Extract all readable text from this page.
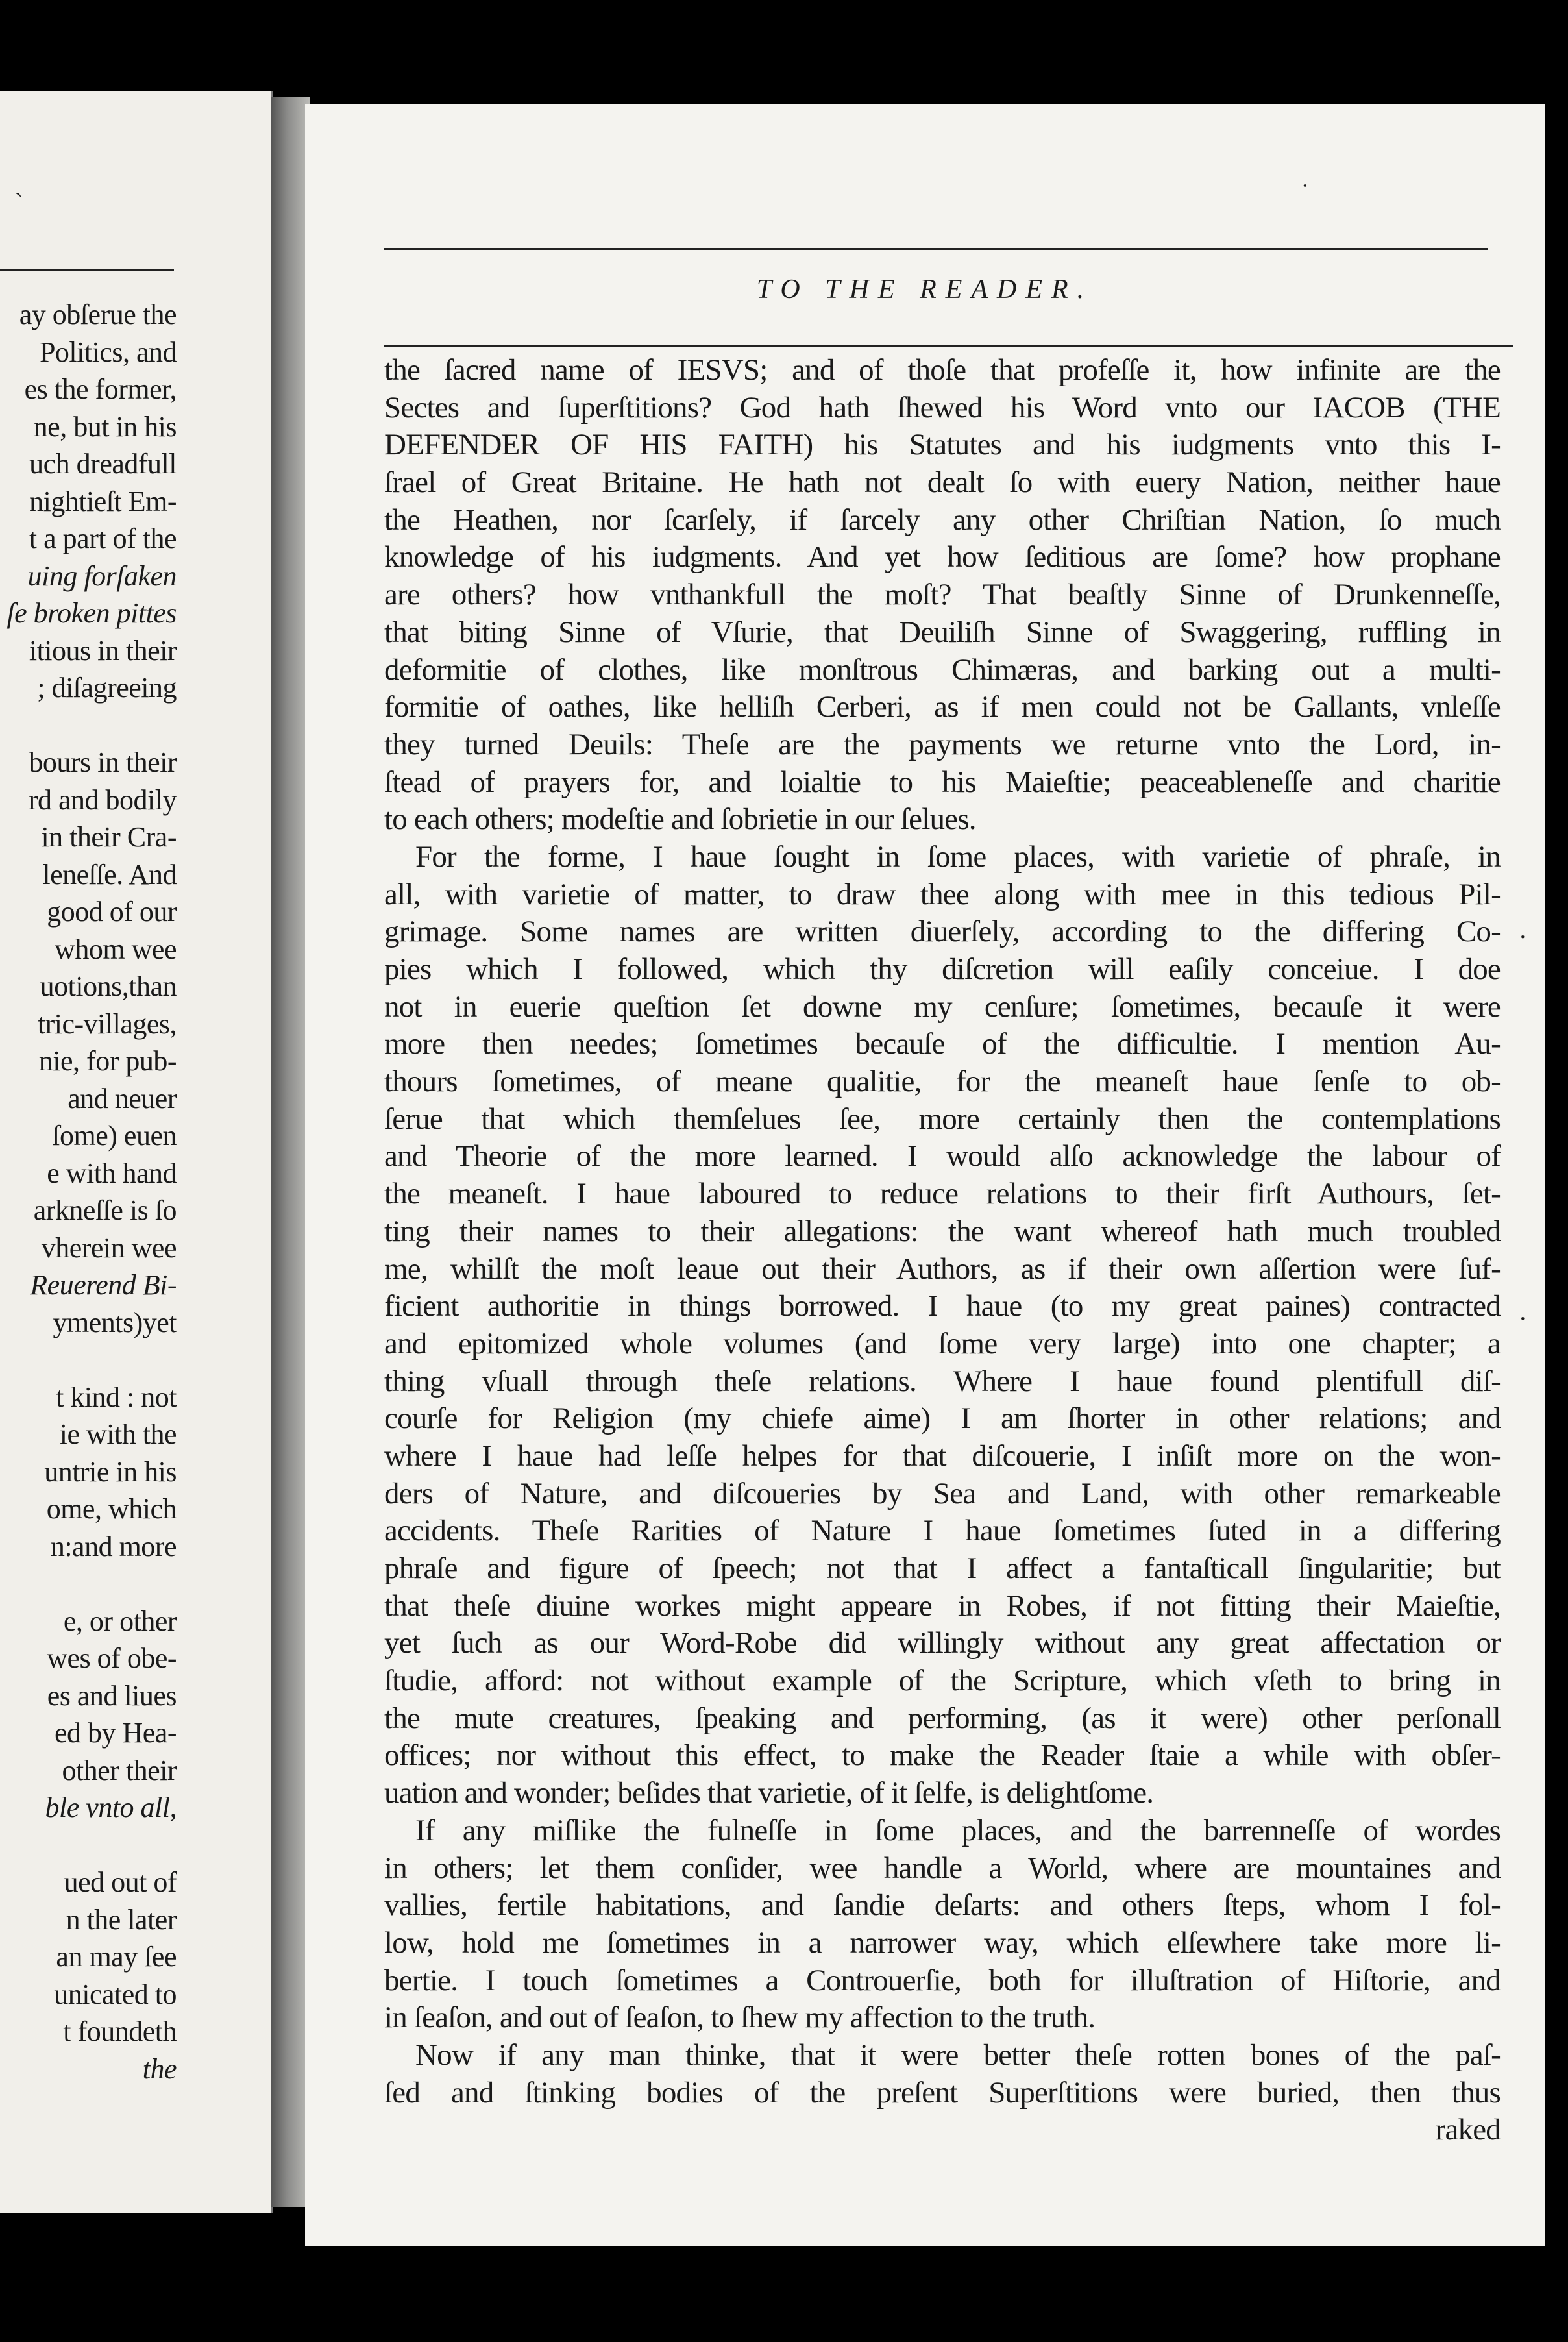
`
ay obſerue the
Politics, and
es the former,
ne, but in his
uch dreadfull
nightieſt Em-
t a part of the
uing forſaken
ſe broken pittes
itious in their
; diſagreeing
bours in their
rd and bodily
in their Cra-
leneſſe. And
good of our
whom wee
uotions,than
tric-villages,
nie, for pub-
and neuer
ſome) euen
e with hand
arkneſſe is ſo
vherein wee
Reuerend Bi-
yments)yet
t kind : not
ie with the
untrie in his
ome, which
n:and more
e, or other
wes of obe-
es and liues
ed by Hea-
other their
ble vnto all,
ued out of
n the later
an may ſee
unicated to
t foundeth
the
·
TO THE READER.
·
·
the ſacred name of IESVS; and of thoſe that profeſſe it, how infinite are the
Sectes and ſuperſtitions? God hath ſhewed his Word vnto our IACOB (THE
DEFENDER OF HIS FAITH) his Statutes and his iudgments vnto this I-
ſrael of Great Britaine. He hath not dealt ſo with euery Nation, neither haue
the Heathen, nor ſcarſely, if ſarcely any other Chriſtian Nation, ſo much
knowledge of his iudgments. And yet how ſeditious are ſome? how prophane
are others? how vnthankfull the moſt? That beaſtly Sinne of Drunkenneſſe,
that biting Sinne of Vſurie, that Deuiliſh Sinne of Swaggering, ruffling in
deformitie of clothes, like monſtrous Chimæras, and barking out a multi-
formitie of oathes, like helliſh Cerberi, as if men could not be Gallants, vnleſſe
they turned Deuils: Theſe are the payments we returne vnto the Lord, in-
ſtead of prayers for, and loialtie to his Maieſtie; peaceableneſſe and charitie
to each others; modeſtie and ſobrietie in our ſelues.
For the forme, I haue ſought in ſome places, with varietie of phraſe, in
all, with varietie of matter, to draw thee along with mee in this tedious Pil-
grimage. Some names are written diuerſely, according to the differing Co-
pies which I followed, which thy diſcretion will eaſily conceiue. I doe
not in euerie queſtion ſet downe my cenſure; ſometimes, becauſe it were
more then needes; ſometimes becauſe of the difficultie. I mention Au-
thours ſometimes, of meane qualitie, for the meaneſt haue ſenſe to ob-
ſerue that which themſelues ſee, more certainly then the contemplations
and Theorie of the more learned. I would alſo acknowledge the labour of
the meaneſt. I haue laboured to reduce relations to their firſt Authours, ſet-
ting their names to their allegations: the want whereof hath much troubled
me, whilſt the moſt leaue out their Authors, as if their own aſſertion were ſuf-
ficient authoritie in things borrowed. I haue (to my great paines) contracted
and epitomized whole volumes (and ſome very large) into one chapter; a
thing vſuall through theſe relations. Where I haue found plentifull diſ-
courſe for Religion (my chiefe aime) I am ſhorter in other relations; and
where I haue had leſſe helpes for that diſcouerie, I inſiſt more on the won-
ders of Nature, and diſcoueries by Sea and Land, with other remarkeable
accidents. Theſe Rarities of Nature I haue ſometimes ſuted in a differing
phraſe and figure of ſpeech; not that I affect a fantaſticall ſingularitie; but
that theſe diuine workes might appeare in Robes, if not fitting their Maieſtie,
yet ſuch as our Word-Robe did willingly without any great affectation or
ſtudie, afford: not without example of the Scripture, which vſeth to bring in
the mute creatures, ſpeaking and performing, (as it were) other perſonall
offices; nor without this effect, to make the Reader ſtaie a while with obſer-
uation and wonder; beſides that varietie, of it ſelfe, is delightſome.
If any miſlike the fulneſſe in ſome places, and the barrenneſſe of wordes
in others; let them conſider, wee handle a World, where are mountaines and
vallies, fertile habitations, and ſandie deſarts: and others ſteps, whom I fol-
low, hold me ſometimes in a narrower way, which elſewhere take more li-
bertie. I touch ſometimes a Controuerſie, both for illuſtration of Hiſtorie, and
in ſeaſon, and out of ſeaſon, to ſhew my affection to the truth.
Now if any man thinke, that it were better theſe rotten bones of the paſ-
ſed and ſtinking bodies of the preſent Superſtitions were buried, then thus
raked
